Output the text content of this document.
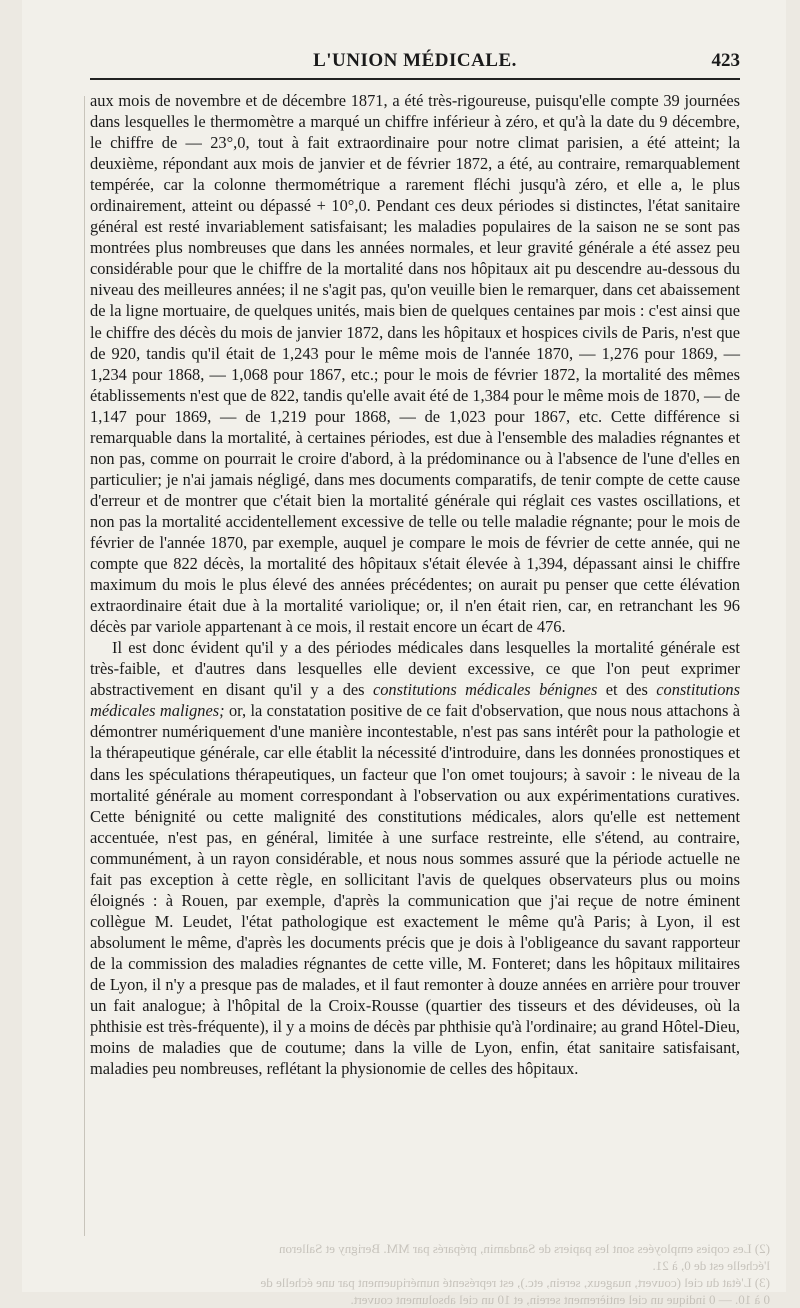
L'UNION MÉDICALE.	423

aux mois de novembre et de décembre 1871, a été très-rigoureuse, puisqu'elle compte 39 journées dans lesquelles le thermomètre a marqué un chiffre inférieur à zéro, et qu'à la date du 9 décembre, le chiffre de — 23°,0, tout à fait extraordinaire pour notre climat parisien, a été atteint; la deuxième, répondant aux mois de janvier et de février 1872, a été, au contraire, remarquablement tempérée, car la colonne thermométrique a rarement fléchi jusqu'à zéro, et elle a, le plus ordinairement, atteint ou dépassé + 10°,0. Pendant ces deux périodes si distinctes, l'état sanitaire général est resté invariablement satisfaisant; les maladies populaires de la saison ne se sont pas montrées plus nombreuses que dans les années normales, et leur gravité générale a été assez peu considérable pour que le chiffre de la mortalité dans nos hôpitaux ait pu descendre au-dessous du niveau des meilleures années; il ne s'agit pas, qu'on veuille bien le remarquer, dans cet abaissement de la ligne mortuaire, de quelques unités, mais bien de quelques centaines par mois : c'est ainsi que le chiffre des décès du mois de janvier 1872, dans les hôpitaux et hospices civils de Paris, n'est que de 920, tandis qu'il était de 1,243 pour le même mois de l'année 1870, — 1,276 pour 1869, — 1,234 pour 1868, — 1,068 pour 1867, etc.; pour le mois de février 1872, la mortalité des mêmes établissements n'est que de 822, tandis qu'elle avait été de 1,384 pour le même mois de 1870, — de 1,147 pour 1869, — de 1,219 pour 1868, — de 1,023 pour 1867, etc. Cette différence si remarquable dans la mortalité, à certaines périodes, est due à l'ensemble des maladies régnantes et non pas, comme on pourrait le croire d'abord, à la prédominance ou à l'absence de l'une d'elles en particulier; je n'ai jamais négligé, dans mes documents comparatifs, de tenir compte de cette cause d'erreur et de montrer que c'était bien la mortalité générale qui réglait ces vastes oscillations, et non pas la mortalité accidentellement excessive de telle ou telle maladie régnante; pour le mois de février de l'année 1870, par exemple, auquel je compare le mois de février de cette année, qui ne compte que 822 décès, la mortalité des hôpitaux s'était élevée à 1,394, dépassant ainsi le chiffre maximum du mois le plus élevé des années précédentes; on aurait pu penser que cette élévation extraordinaire était due à la mortalité variolique; or, il n'en était rien, car, en retranchant les 96 décès par variole appartenant à ce mois, il restait encore un écart de 476.

Il est donc évident qu'il y a des périodes médicales dans lesquelles la mortalité générale est très-faible, et d'autres dans lesquelles elle devient excessive, ce que l'on peut exprimer abstractivement en disant qu'il y a des constitutions médicales bénignes et des constitutions médicales malignes; or, la constatation positive de ce fait d'observation, que nous nous attachons à démontrer numériquement d'une manière incontestable, n'est pas sans intérêt pour la pathologie et la thérapeutique générale, car elle établit la nécessité d'introduire, dans les données pronostiques et dans les spéculations thérapeutiques, un facteur que l'on omet toujours; à savoir : le niveau de la mortalité générale au moment correspondant à l'observation ou aux expérimentations curatives. Cette bénignité ou cette malignité des constitutions médicales, alors qu'elle est nettement accentuée, n'est pas, en général, limitée à une surface restreinte, elle s'étend, au contraire, communément, à un rayon considérable, et nous nous sommes assuré que la période actuelle ne fait pas exception à cette règle, en sollicitant l'avis de quelques observateurs plus ou moins éloignés : à Rouen, par exemple, d'après la communication que j'ai reçue de notre éminent collègue M. Leudet, l'état pathologique est exactement le même qu'à Paris; à Lyon, il est absolument le même, d'après les documents précis que je dois à l'obligeance du savant rapporteur de la commission des maladies régnantes de cette ville, M. Fonteret; dans les hôpitaux militaires de Lyon, il n'y a presque pas de malades, et il faut remonter à douze années en arrière pour trouver un fait analogue; à l'hôpital de la Croix-Rousse (quartier des tisseurs et des dévideuses, où la phthisie est très-fréquente), il y a moins de décès par phthisie qu'à l'ordinaire; au grand Hôtel-Dieu, moins de maladies que de coutume; dans la ville de Lyon, enfin, état sanitaire satisfaisant, maladies peu nombreuses, reflétant la physionomie de celles des hôpitaux.

(2) Les copies employées sont les papiers de Sandamin, préparés par MM. Berigny et Salleron
l'échelle est de 0, à 21.
(3) L'état du ciel (couvert, nuageux, serein, etc.), est représenté numériquement par une échelle de
0 à 10. — 0 indique un ciel entièrement serein, et 10 un ciel absolument couvert.
